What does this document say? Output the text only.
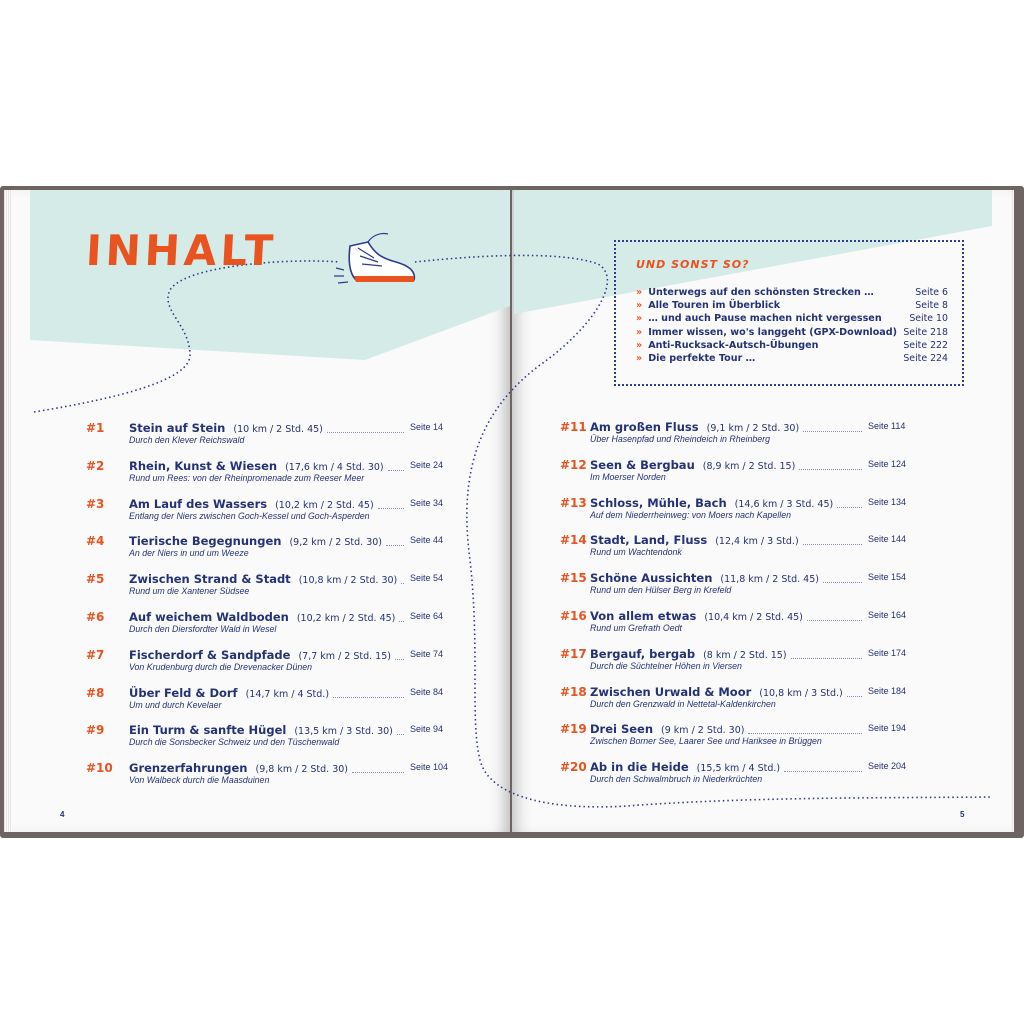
INHALT	UND SONST SO?
» Unterwegs auf den schönsten Strecken …	Seite 6
» Alle Touren im Überblick	Seite 8
» … und auch Pause machen nicht vergessen	Seite 10
» Immer wissen, wo's langgeht (GPX-Download) Seite 218
» Anti-Rucksack-Autsch-Übungen	Seite 222
» Die perfekte Tour …	Seite 224
#1 Stein auf Stein (10 km / 2 Std. 45)	Seite 14
Durch den Klever Reichswald
#2 Rhein, Kunst & Wiesen (17,6 km / 4 Std. 30)	Seite 24
Rund um Rees: von der Rheinpromenade zum Reeser Meer
#3 Am Lauf des Wassers (10,2 km / 2 Std. 45)	Seite 34
Entlang der Niers zwischen Goch-Kessel und Goch-Asperden
#4 Tierische Begegnungen (9,2 km / 2 Std. 30)	Seite 44
An der Niers in und um Weeze
#5 Zwischen Strand & Stadt (10,8 km / 2 Std. 30) Seite 54
Rund um die Xantener Südsee
#6 Auf weichem Waldboden (10,2 km / 2 Std. 45) Seite 64
Durch den Diersfordter Wald in Wesel
#7 Fischerdorf & Sandpfade (7,7 km / 2 Std. 15) Seite 74
Von Krudenburg durch die Drevenacker Dünen
#8 Über Feld & Dorf (14,7 km / 4 Std.)	Seite 84
Um und durch Kevelaer
#9 Ein Turm & sanfte Hügel (13,5 km / 3 Std. 30) Seite 94
Durch die Sonsbecker Schweiz und den Tüschenwald
#10 Grenzerfahrungen (9,8 km / 2 Std. 30)	Seite 104
Von Walbeck durch die Maasduinen
#11 Am großen Fluss (9,1 km / 2 Std. 30)	Seite 114
Über Hasenpfad und Rheindeich in Rheinberg
#12 Seen & Bergbau (8,9 km / 2 Std. 15)	Seite 124
Im Moerser Norden
#13 Schloss, Mühle, Bach (14,6 km / 3 Std. 45)	Seite 134
Auf dem Niederrheinweg: von Moers nach Kapellen
#14 Stadt, Land, Fluss (12,4 km / 3 Std.)	Seite 144
Rund um Wachtendonk
#15 Schöne Aussichten (11,8 km / 2 Std. 45)	Seite 154
Rund um den Hülser Berg in Krefeld
#16 Von allem etwas (10,4 km / 2 Std. 45)	Seite 164
Rund um Grefrath Oedt
#17 Bergauf, bergab (8 km / 2 Std. 15)	Seite 174
Durch die Süchtelner Höhen in Viersen
#18 Zwischen Urwald & Moor (10,8 km / 3 Std.)	Seite 184
Durch den Grenzwald in Nettetal-Kaldenkirchen
#19 Drei Seen (9 km / 2 Std. 30)	Seite 194
Zwischen Borner See, Laarer See und Hariksee in Brüggen
#20 Ab in die Heide (15,5 km / 4 Std.)	Seite 204
Durch den Schwalmbruch in Niederkrüchten
4	5
